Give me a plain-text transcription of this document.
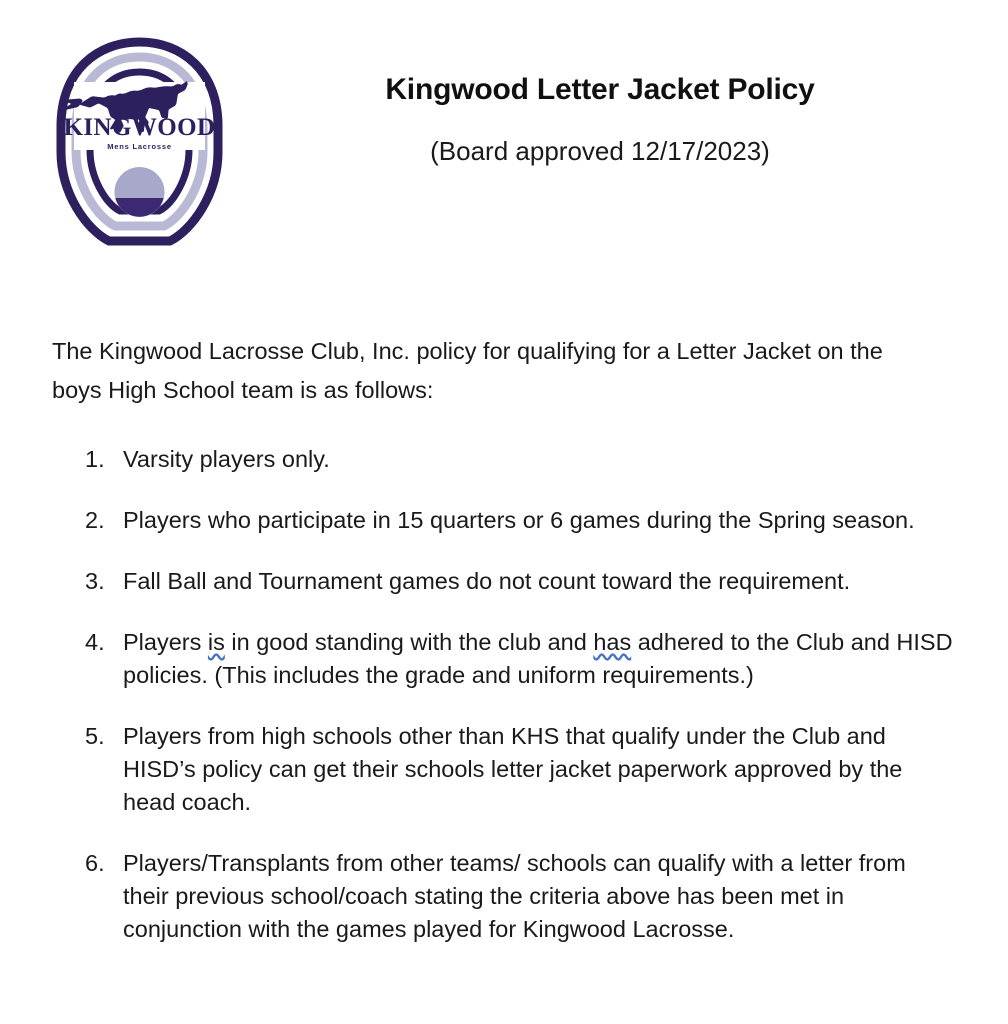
KINGWOOD
Mens Lacrosse
Kingwood Letter Jacket Policy

(Board approved 12/17/2023)

The Kingwood Lacrosse Club, Inc. policy for qualifying for a Letter Jacket on the boys High School team is as follows:

1. Varsity players only.
2. Players who participate in 15 quarters or 6 games during the Spring season.
3. Fall Ball and Tournament games do not count toward the requirement.
4. Players is in good standing with the club and has adhered to the Club and HISD policies. (This includes the grade and uniform requirements.)
5. Players from high schools other than KHS that qualify under the Club and HISD’s policy can get their schools letter jacket paperwork approved by the head coach.
6. Players/Transplants from other teams/ schools can qualify with a letter from their previous school/coach stating the criteria above has been met in conjunction with the games played for Kingwood Lacrosse.
